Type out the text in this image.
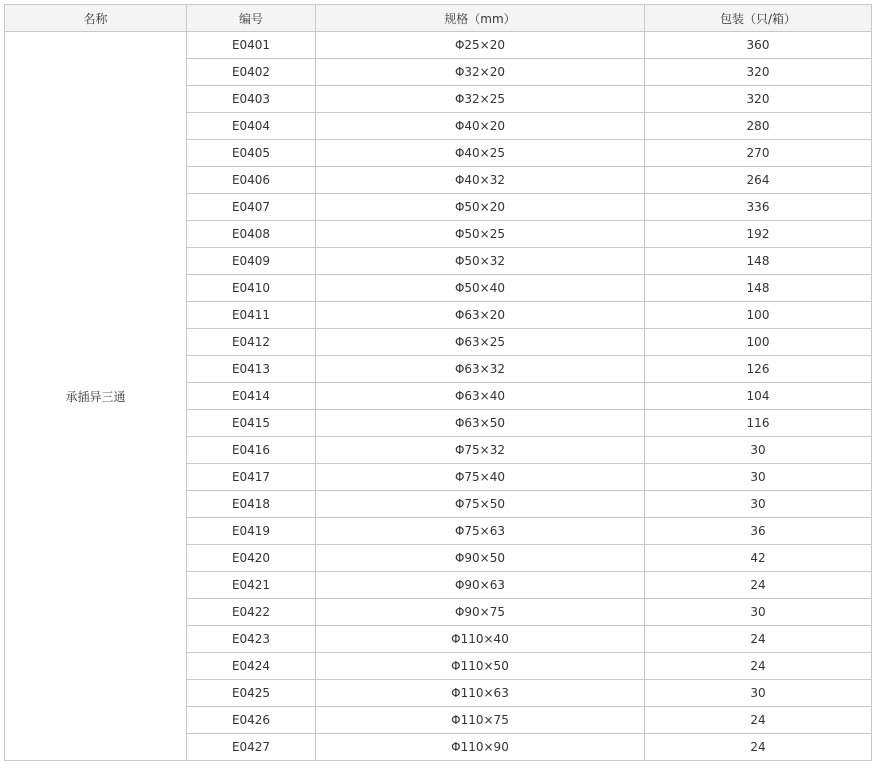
名称	编号	规格（mm）	包装（只/箱）
承插异三通	E0401	Φ25×20	360
	E0402	Φ32×20	320
	E0403	Φ32×25	320
	E0404	Φ40×20	280
	E0405	Φ40×25	270
	E0406	Φ40×32	264
	E0407	Φ50×20	336
	E0408	Φ50×25	192
	E0409	Φ50×32	148
	E0410	Φ50×40	148
	E0411	Φ63×20	100
	E0412	Φ63×25	100
	E0413	Φ63×32	126
	E0414	Φ63×40	104
	E0415	Φ63×50	116
	E0416	Φ75×32	30
	E0417	Φ75×40	30
	E0418	Φ75×50	30
	E0419	Φ75×63	36
	E0420	Φ90×50	42
	E0421	Φ90×63	24
	E0422	Φ90×75	30
	E0423	Φ110×40	24
	E0424	Φ110×50	24
	E0425	Φ110×63	30
	E0426	Φ110×75	24
	E0427	Φ110×90	24
